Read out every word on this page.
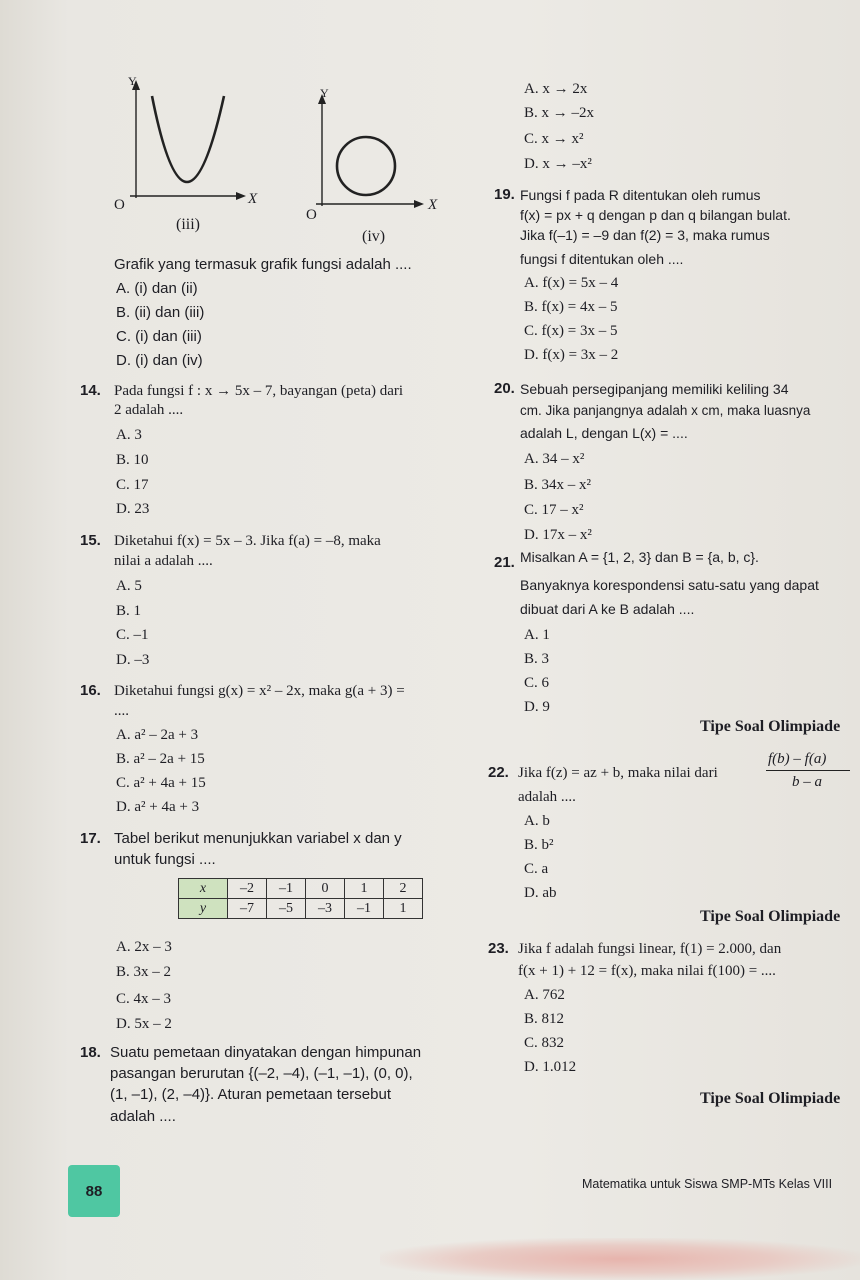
Y
X
O
(iii)
Y
X
O
(iv)
Grafik yang termasuk grafik fungsi adalah ....
A. (i) dan (ii)
B. (ii) dan (iii)
C. (i) dan (iii)
D. (i) dan (iv)
14. Pada fungsi f : x → 5x – 7, bayangan (peta) dari
2 adalah ....
A. 3
B. 10
C. 17
D. 23
15. Diketahui f(x) = 5x – 3. Jika f(a) = –8, maka
nilai a adalah ....
A. 5
B. 1
C. –1
D. –3
16. Diketahui fungsi g(x) = x² – 2x, maka g(a + 3) =
....
A. a² – 2a + 3
B. a² – 2a + 15
C. a² + 4a + 15
D. a² + 4a + 3
17. Tabel berikut menunjukkan variabel x dan y
untuk fungsi ....
x	–2	–1	0	1	2
y	–7	–5	–3	–1	1
A. 2x – 3
B. 3x – 2
C. 4x – 3
D. 5x – 2
18. Suatu pemetaan dinyatakan dengan himpunan
pasangan berurutan {(–2, –4), (–1, –1), (0, 0),
(1, –1), (2, –4)}. Aturan pemetaan tersebut
adalah ....
A. x → 2x
B. x → –2x
C. x → x²
D. x → –x²
19. Fungsi f pada R ditentukan oleh rumus
f(x) = px + q dengan p dan q bilangan bulat.
Jika f(–1) = –9 dan f(2) = 3, maka rumus
fungsi f ditentukan oleh ....
A. f(x) = 5x – 4
B. f(x) = 4x – 5
C. f(x) = 3x – 5
D. f(x) = 3x – 2
20. Sebuah persegipanjang memiliki keliling 34
cm. Jika panjangnya adalah x cm, maka luasnya
adalah L, dengan L(x) = ....
A. 34 – x²
B. 34x – x²
C. 17 – x²
D. 17x – x²
21. Misalkan A = {1, 2, 3} dan B = {a, b, c}.
Banyaknya korespondensi satu-satu yang dapat
dibuat dari A ke B adalah ....
A. 1
B. 3
C. 6
D. 9
Tipe Soal Olimpiade
22. Jika f(z) = az + b, maka nilai dari
f(b) – f(a)
b – a
adalah ....
A. b
B. b²
C. a
D. ab
Tipe Soal Olimpiade
23. Jika f adalah fungsi linear, f(1) = 2.000, dan
f(x + 1) + 12 = f(x), maka nilai f(100) = ....
A. 762
B. 812
C. 832
D. 1.012
Tipe Soal Olimpiade
88	Matematika untuk Siswa SMP-MTs Kelas VIII
